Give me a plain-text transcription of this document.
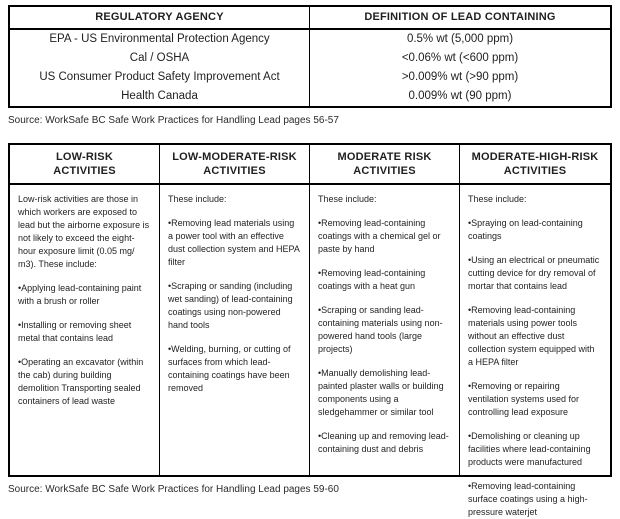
REGULATORY AGENCY	DEFINITION OF LEAD CONTAINING
EPA - US Environmental Protection Agency
Cal / OSHA
US Consumer Product Safety Improvement Act
Health Canada
0.5% wt (5,000 ppm)
<0.06% wt (<600 ppm)
>0.009% wt (>90 ppm)
0.009% wt (90 ppm)
Source: WorkSafe BC Safe Work Practices for Handling Lead pages 56-57
LOW-RISK
ACTIVITIES
LOW-MODERATE-RISK
ACTIVITIES
MODERATE RISK
ACTIVITIES
MODERATE-HIGH-RISK
ACTIVITIES

Low-risk activities are those in which workers are exposed to lead but the airborne exposure is not likely to exceed the eight-hour exposure limit (0.05 mg/ m3). These include:

• Applying lead-containing paint with a brush or roller

• Installing or removing sheet metal that contains lead

• Operating an excavator (within the cab) during building demolition Transporting sealed containers of lead waste

These include:

• Removing lead materials using a power tool with an effective dust collection system and HEPA filter

• Scraping or sanding (including wet sanding) of lead-containing coatings using non-powered hand tools

• Welding, burning, or cutting of surfaces from which lead- containing coatings have been removed

These include:

• Removing lead-containing coatings with a chemical gel or paste by hand

• Removing lead-containing coatings with a heat gun

• Scraping or sanding lead-containing materials using non-powered hand tools (large projects)

• Manually demolishing lead-painted plaster walls or building components using a sledgehammer or similar tool

• Cleaning up and removing lead-containing dust and debris

These include:

• Spraying on lead-containing coatings

• Using an electrical or pneumatic cutting device for dry removal of mortar that contains lead

• Removing lead-containing materials using power tools without an effective dust collection system equipped with a HEPA filter

• Removing or repairing ventilation systems used for controlling lead exposure

• Demolishing or cleaning up facilities where lead-containing products were manufactured

• Removing lead-containing surface coatings using a high-pressure waterjet

Source: WorkSafe BC Safe Work Practices for Handling Lead pages 59-60
